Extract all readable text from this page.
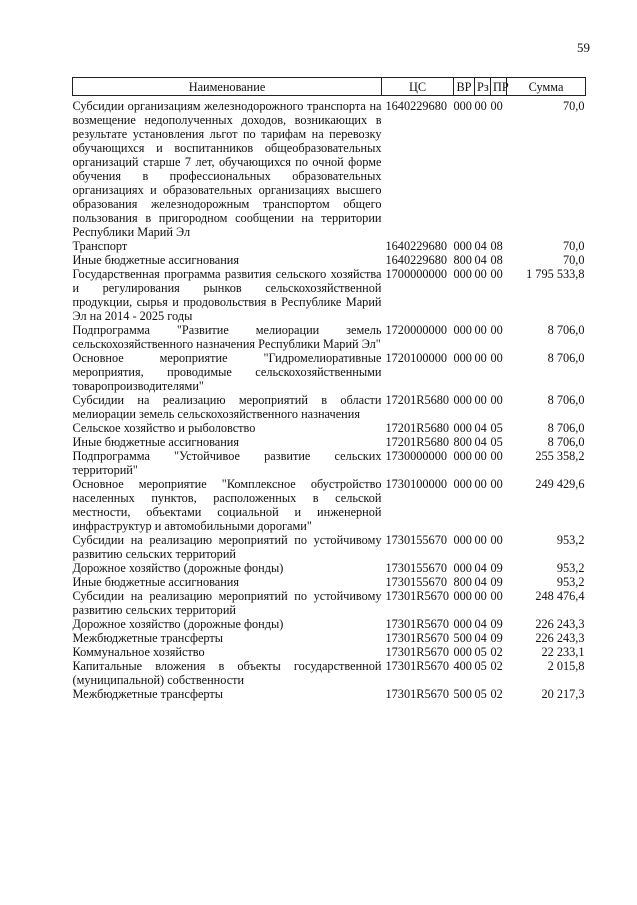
59
Наименование	ЦС	ВР	Рз	ПР	Сумма
Субсидии организациям железнодорожного транспорта на возмещение недополученных доходов, возникающих в результате установления льгот по тарифам на перевозку обучающихся и воспитанников общеобразовательных организаций старше 7 лет, обучающихся по очной форме обучения в профессиональных образовательных организациях и образовательных организациях высшего образования железнодорожным транспортом общего пользования в пригородном сообщении на территории Республики Марий Эл	1640229680	000	00	00	70,0
Транспорт	1640229680	000	04	08	70,0
Иные бюджетные ассигнования	1640229680	800	04	08	70,0
Государственная программа развития сельского хозяйства и регулирования рынков сельскохозяйственной продукции, сырья и продовольствия в Республике Марий Эл на 2014 - 2025 годы	1700000000	000	00	00	1 795 533,8
Подпрограмма "Развитие мелиорации земель сельскохозяйственного назначения Республики Марий Эл"	1720000000	000	00	00	8 706,0
Основное мероприятие "Гидромелиоративные мероприятия, проводимые сельскохозяйственными товаропроизводителями"	1720100000	000	00	00	8 706,0
Субсидии на реализацию мероприятий в области мелиорации земель сельскохозяйственного назначения	17201R5680	000	00	00	8 706,0
Сельское хозяйство и рыболовство	17201R5680	000	04	05	8 706,0
Иные бюджетные ассигнования	17201R5680	800	04	05	8 706,0
Подпрограмма "Устойчивое развитие сельских территорий"	1730000000	000	00	00	255 358,2
Основное мероприятие "Комплексное обустройство населенных пунктов, расположенных в сельской местности, объектами социальной и инженерной инфраструктур и автомобильными дорогами"	1730100000	000	00	00	249 429,6
Субсидии на реализацию мероприятий по устойчивому развитию сельских территорий	1730155670	000	00	00	953,2
Дорожное хозяйство (дорожные фонды)	1730155670	000	04	09	953,2
Иные бюджетные ассигнования	1730155670	800	04	09	953,2
Субсидии на реализацию мероприятий по устойчивому развитию сельских территорий	17301R5670	000	00	00	248 476,4
Дорожное хозяйство (дорожные фонды)	17301R5670	000	04	09	226 243,3
Межбюджетные трансферты	17301R5670	500	04	09	226 243,3
Коммунальное хозяйство	17301R5670	000	05	02	22 233,1
Капитальные вложения в объекты государственной (муниципальной) собственности	17301R5670	400	05	02	2 015,8
Межбюджетные трансферты	17301R5670	500	05	02	20 217,3
